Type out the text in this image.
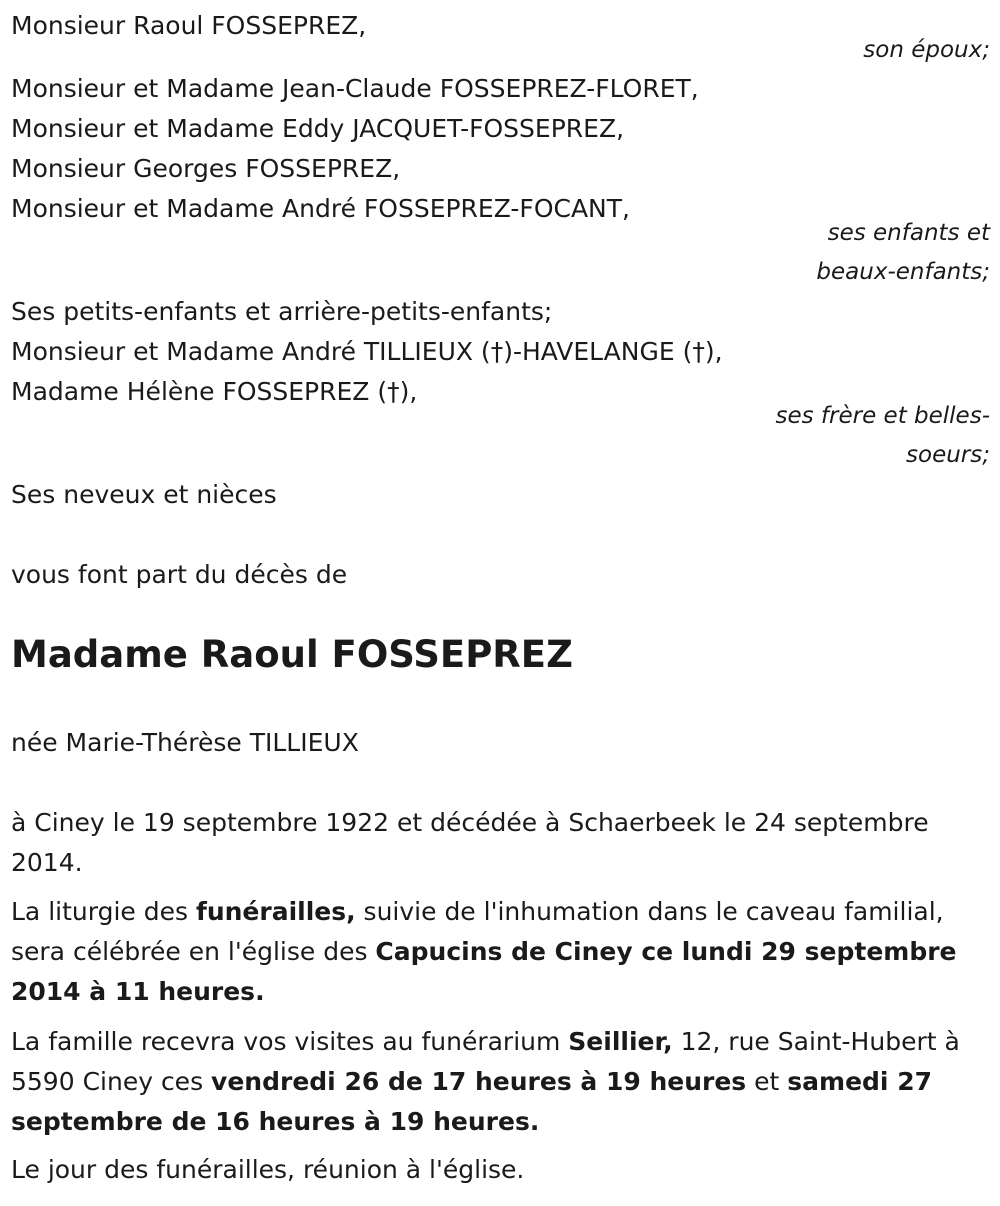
Monsieur Raoul FOSSEPREZ,

son époux;

Monsieur et Madame Jean-Claude FOSSEPREZ-FLORET,

Monsieur et Madame Eddy JACQUET-FOSSEPREZ,

Monsieur Georges FOSSEPREZ,

Monsieur et Madame André FOSSEPREZ-FOCANT,

ses enfants et

beaux-enfants;

Ses petits-enfants et arrière-petits-enfants;

Monsieur et Madame André TILLIEUX (†)-HAVELANGE (†),

Madame Hélène FOSSEPREZ (†),

ses frère et belles-

soeurs;

Ses neveux et nièces

vous font part du décès de

Madame Raoul FOSSEPREZ

née Marie-Thérèse TILLIEUX

à Ciney le 19 septembre 1922 et décédée à Schaerbeek le 24 septembre 2014.

La liturgie des funérailles, suivie de l'inhumation dans le caveau familial, sera célébrée en l'église des Capucins de Ciney ce lundi 29 septembre 2014 à 11 heures.

La famille recevra vos visites au funérarium Seillier, 12, rue Saint-Hubert à 5590 Ciney ces vendredi 26 de 17 heures à 19 heures et samedi 27 septembre de 16 heures à 19 heures.

Le jour des funérailles, réunion à l'église.
